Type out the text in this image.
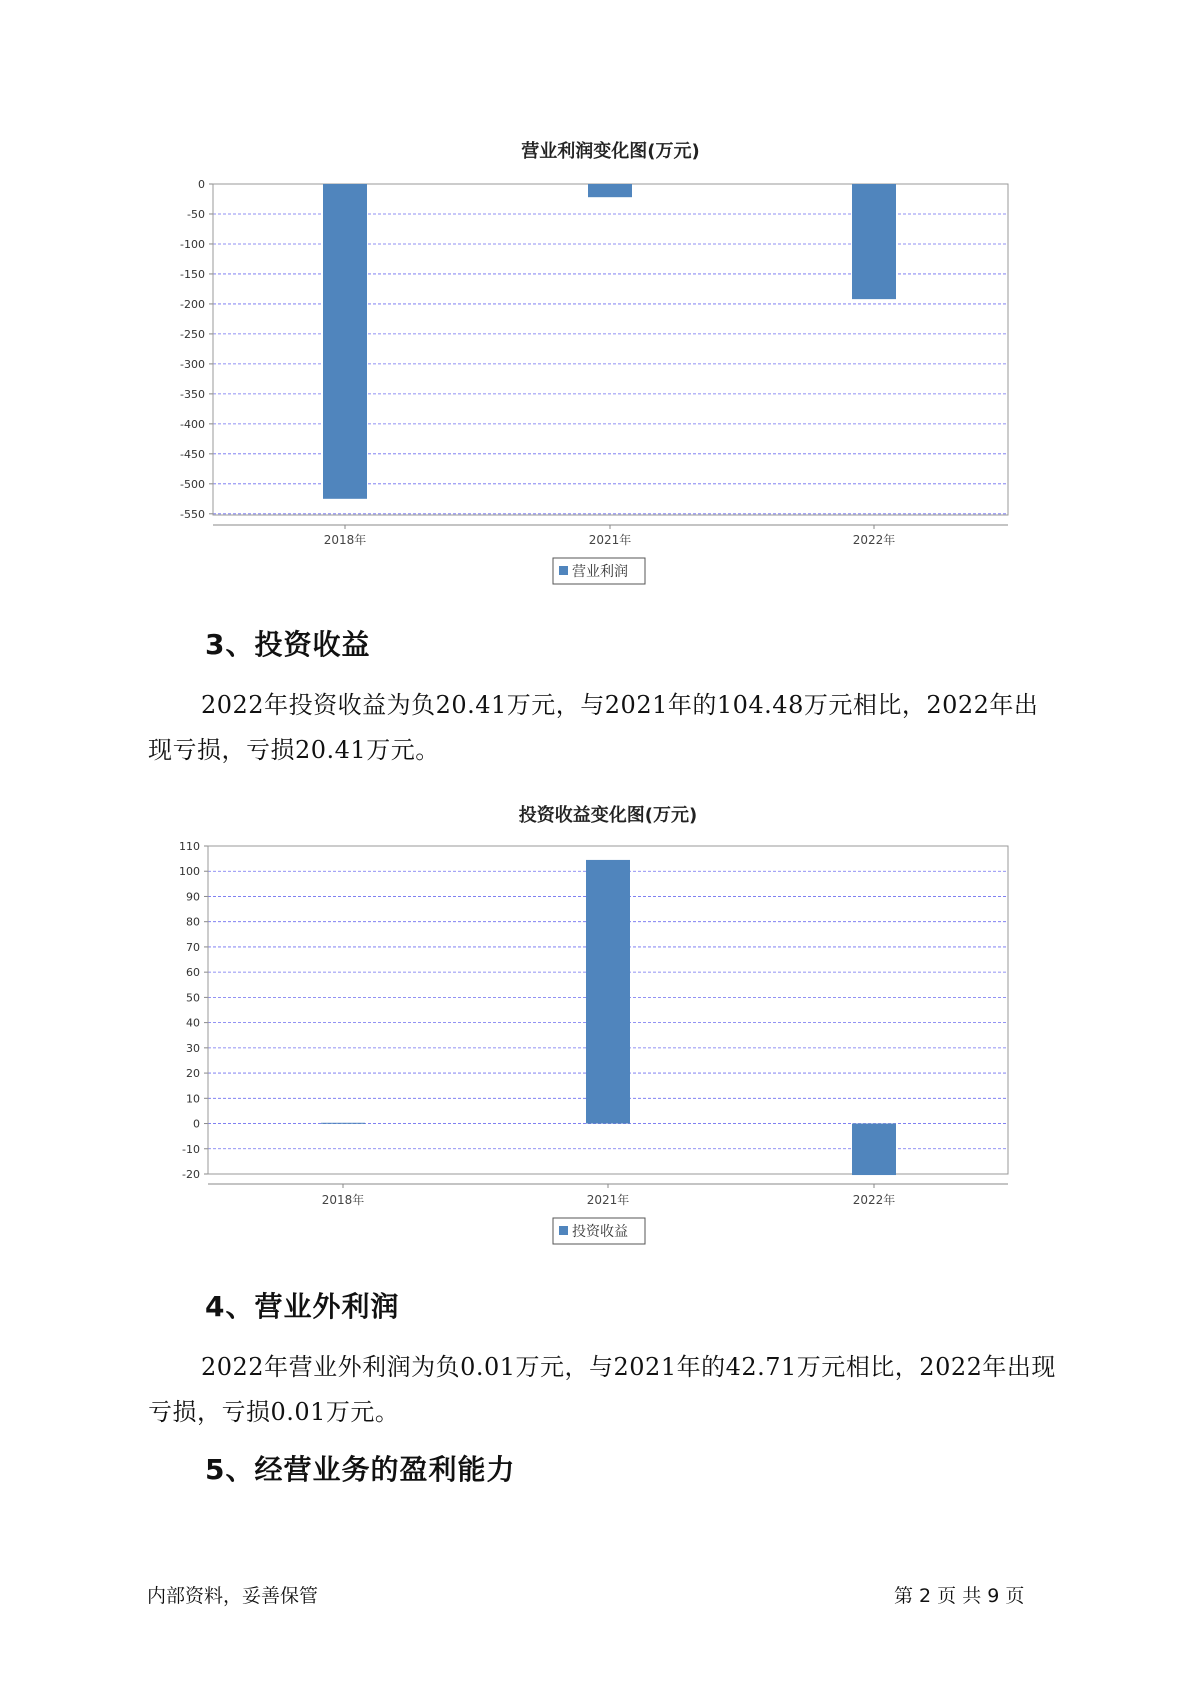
营业利润变化图(万元)
0
-50
-100
-150
-200
-250
-300
-350
-400
-450
-500
-550
2018年	2021年	2022年
营业利润
3、投资收益

2022年投资收益为负20.41万元，与2021年的104.48万元相比，2022年出现亏损，亏损20.41万元。

投资收益变化图(万元)
110
100
90
80
70
60
50
40
30
20
10
0
-10
-20
2018年	2021年	2022年
投资收益
4、营业外利润

2022年营业外利润为负0.01万元，与2021年的42.71万元相比，2022年出现亏损，亏损0.01万元。

5、经营业务的盈利能力
内部资料，妥善保管	第 2 页 共 9 页
